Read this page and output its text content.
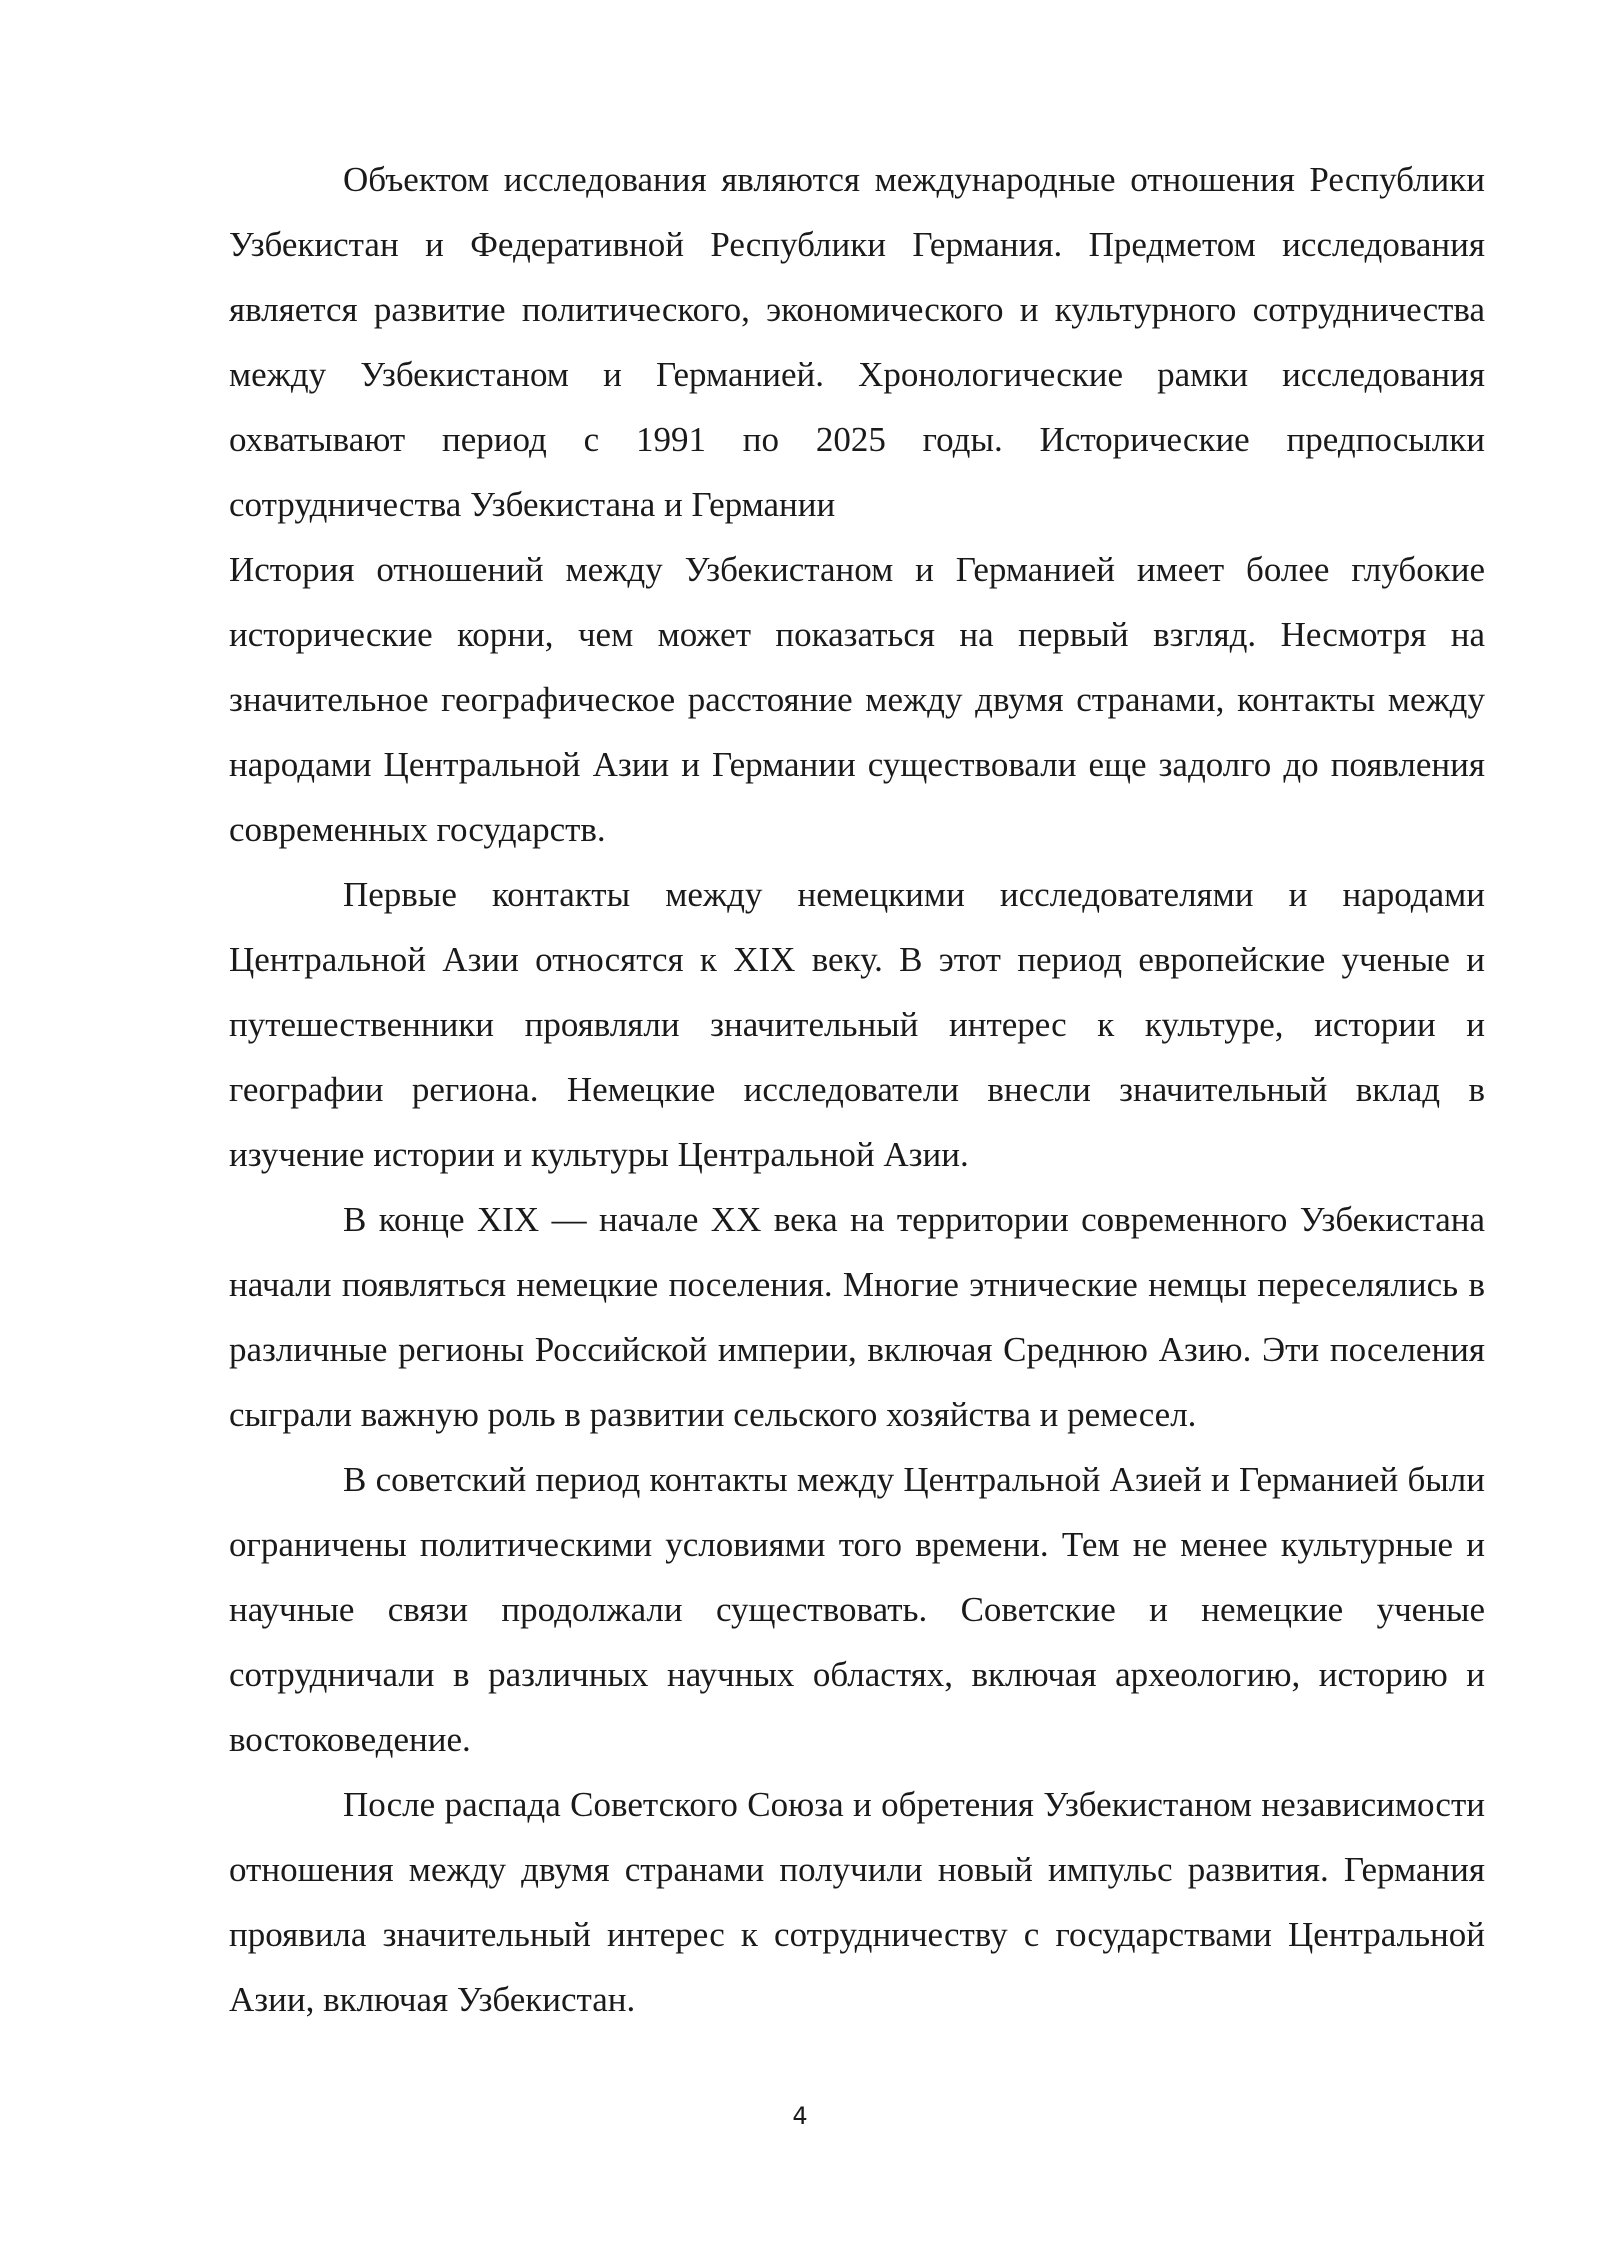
Объектом исследования являются международные отношения Республики Узбекистан и Федеративной Республики Германия. Предметом исследования является развитие политического, экономического и культурного сотрудничества между Узбекистаном и Германией. Хронологические рамки исследования охватывают период с 1991 по 2025 годы. Исторические предпосылки сотрудничества Узбекистана и Германии

История отношений между Узбекистаном и Германией имеет более глубокие исторические корни, чем может показаться на первый взгляд. Несмотря на значительное географическое расстояние между двумя странами, контакты между народами Центральной Азии и Германии существовали еще задолго до появления современных государств.

Первые контакты между немецкими исследователями и народами Центральной Азии относятся к XIX веку. В этот период европейские ученые и путешественники проявляли значительный интерес к культуре, истории и географии региона. Немецкие исследователи внесли значительный вклад в изучение истории и культуры Центральной Азии.

В конце XIX — начале XX века на территории современного Узбекистана начали появляться немецкие поселения. Многие этнические немцы переселялись в различные регионы Российской империи, включая Среднюю Азию. Эти поселения сыграли важную роль в развитии сельского хозяйства и ремесел.

В советский период контакты между Центральной Азией и Германией были ограничены политическими условиями того времени. Тем не менее культурные и научные связи продолжали существовать. Советские и немецкие ученые сотрудничали в различных научных областях, включая археологию, историю и востоковедение.

После распада Советского Союза и обретения Узбекистаном независимости отношения между двумя странами получили новый импульс развития. Германия проявила значительный интерес к сотрудничеству с государствами Центральной Азии, включая Узбекистан.

4
